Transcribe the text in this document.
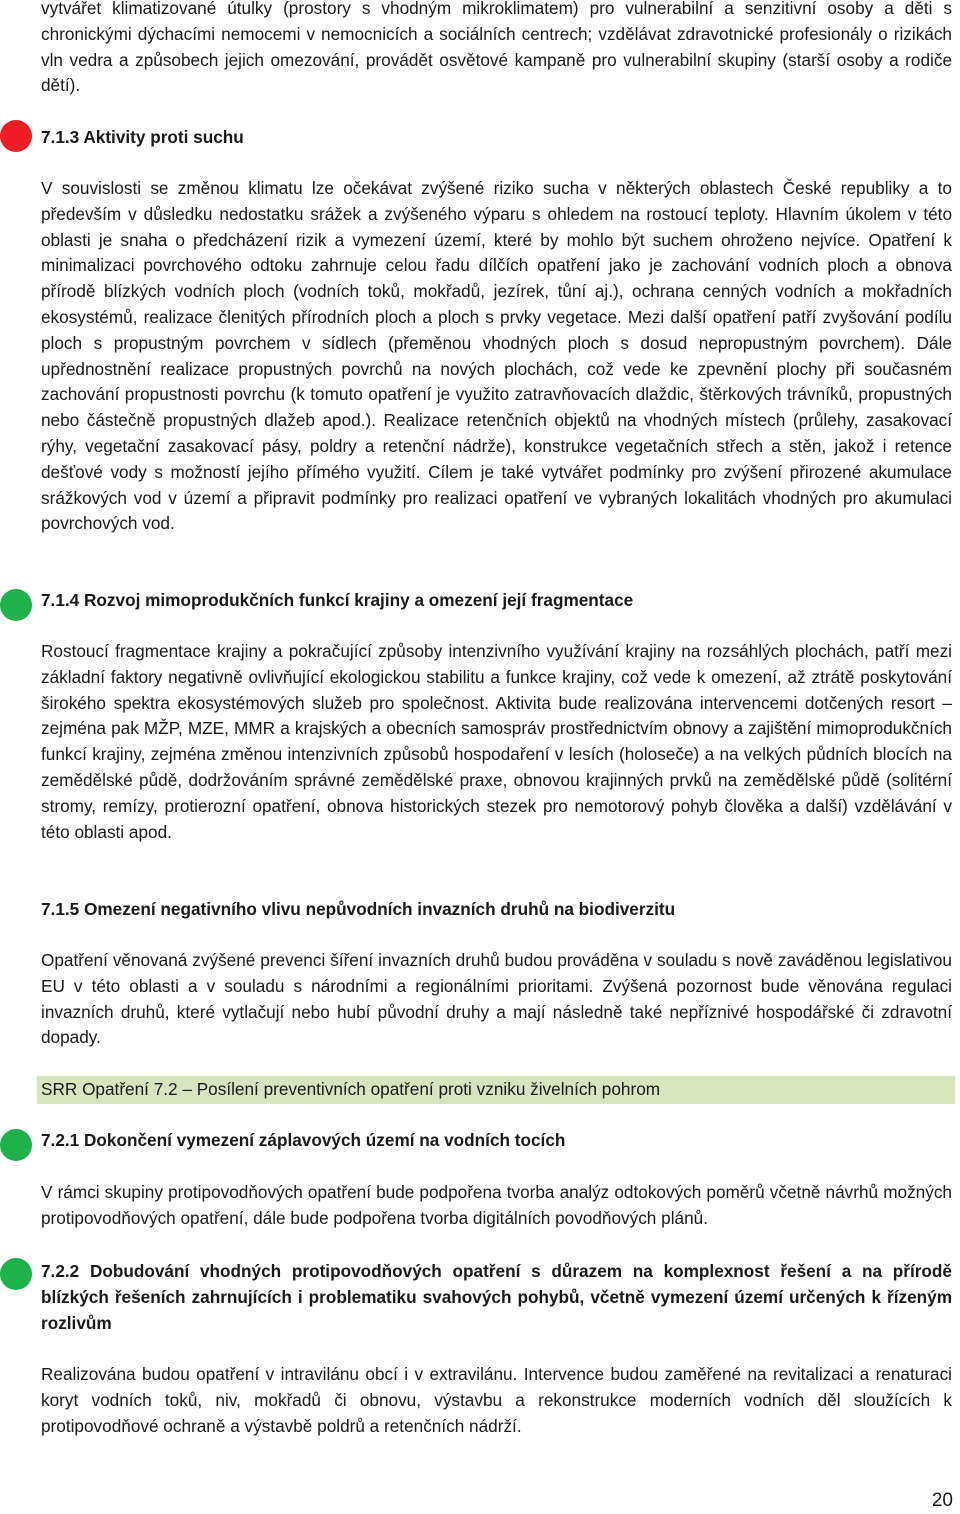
vytvářet klimatizované útulky (prostory s vhodným mikroklimatem) pro vulnerabilní a senzitivní osoby a děti s chronickými dýchacími nemocemi v nemocnicích a sociálních centrech; vzdělávat zdravotnické profesionály o rizikách vln vedra a způsobech jejich omezování, provádět osvětové kampaně pro vulnerabilní skupiny (starší osoby a rodiče dětí).

7.1.3 Aktivity proti suchu

V souvislosti se změnou klimatu lze očekávat zvýšené riziko sucha v některých oblastech České republiky a to především v důsledku nedostatku srážek a zvýšeného výparu s ohledem na rostoucí teploty. Hlavním úkolem v této oblasti je snaha o předcházení rizik a vymezení území, které by mohlo být suchem ohroženo nejvíce. Opatření k minimalizaci povrchového odtoku zahrnuje celou řadu dílčích opatření jako je zachování vodních ploch a obnova přírodě blízkých vodních ploch (vodních toků, mokřadů, jezírek, tůní aj.), ochrana cenných vodních a mokřadních ekosystémů, realizace členitých přírodních ploch a ploch s prvky vegetace. Mezi další opatření patří zvyšování podílu ploch s propustným povrchem v sídlech (přeměnou vhodných ploch s dosud nepropustným povrchem). Dále upřednostnění realizace propustných povrchů na nových plochách, což vede ke zpevnění plochy při současném zachování propustnosti povrchu (k tomuto opatření je využito zatravňovacích dlaždic, štěrkových trávníků, propustných nebo částečně propustných dlažeb apod.). Realizace retenčních objektů na vhodných místech (průlehy, zasakovací rýhy, vegetační zasakovací pásy, poldry a retenční nádrže), konstrukce vegetačních střech a stěn, jakož i retence dešťové vody s možností jejího přímého využití. Cílem je také vytvářet podmínky pro zvýšení přirozené akumulace srážkových vod v území a připravit podmínky pro realizaci opatření ve vybraných lokalitách vhodných pro akumulaci povrchových vod.

7.1.4 Rozvoj mimoprodukčních funkcí krajiny a omezení její fragmentace

Rostoucí fragmentace krajiny a pokračující způsoby intenzivního využívání krajiny na rozsáhlých plochách, patří mezi základní faktory negativně ovlivňující ekologickou stabilitu a funkce krajiny, což vede k omezení, až ztrátě poskytování širokého spektra ekosystémových služeb pro společnost. Aktivita bude realizována intervencemi dotčených resort – zejména pak MŽP, MZE, MMR a krajských a obecních samospráv prostřednictvím obnovy a zajištění mimoprodukčních funkcí krajiny, zejména změnou intenzivních způsobů hospodaření v lesích (holoseče) a na velkých půdních blocích na zemědělské půdě, dodržováním správné zemědělské praxe, obnovou krajinných prvků na zemědělské půdě (solitérní stromy, remízy, protierozní opatření, obnova historických stezek pro nemotorový pohyb člověka a další) vzdělávání v této oblasti apod.

7.1.5 Omezení negativního vlivu nepůvodních invazních druhů na biodiverzitu

Opatření věnovaná zvýšené prevenci šíření invazních druhů budou prováděna v souladu s nově zaváděnou legislativou EU v této oblasti a v souladu s národními a regionálními prioritami. Zvýšená pozornost bude věnována regulaci invazních druhů, které vytlačují nebo hubí původní druhy a mají následně také nepříznivé hospodářské či zdravotní dopady.

7.2.1 Dokončení vymezení záplavových území na vodních tocích

V rámci skupiny protipovodňových opatření bude podpořena tvorba analýz odtokových poměrů včetně návrhů možných protipovodňových opatření, dále bude podpořena tvorba digitálních povodňových plánů.

7.2.2 Dobudování vhodných protipovodňových opatření s důrazem na komplexnost řešení a na přírodě blízkých řešeních zahrnujících i problematiku svahových pohybů, včetně vymezení území určených k řízeným rozlivům

Realizována budou opatření v intravilánu obcí i v extravilánu. Intervence budou zaměřené na revitalizaci a renaturaci koryt vodních toků, niv, mokřadů či obnovu, výstavbu a rekonstrukce moderních vodních děl sloužících k protipovodňové ochraně a výstavbě poldrů a retenčních nádrží.

SRR Opatření 7.2 – Posílení preventivních opatření proti vzniku živelních pohrom
20
